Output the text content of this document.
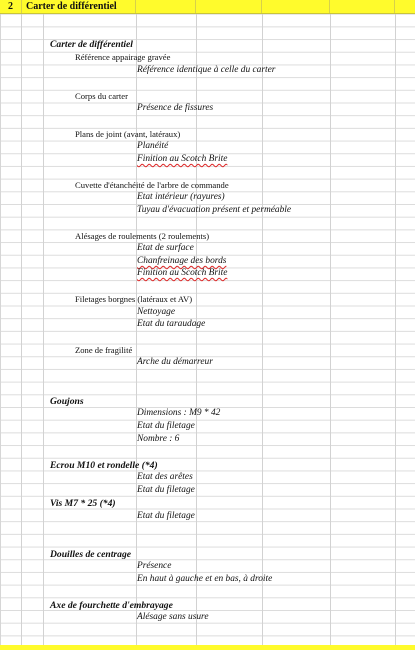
2 Carter de différentiel
Carter de différentiel
Référence appairage gravée
Référence identique à celle du carter
Corps du carter
Présence de fissures
Plans de joint (avant, latéraux)
Planéité
Finition au Scotch Brite
Cuvette d'étanchéité de l'arbre de commande
Etat intérieur (rayures)
Tuyau d'évacuation présent et perméable
Alésages de roulements (2 roulements)
Etat de surface
Chanfreinage des bords
Finition au Scotch Brite
Filetages borgnes (latéraux et AV)
Nettoyage
Etat du taraudage
Zone de fragilité
Arche du démarreur
Goujons
Dimensions : M9 * 42
Etat du filetage
Nombre : 6
Ecrou M10 et rondelle (*4)
Etat des arêtes
Etat du filetage
Vis M7 * 25 (*4)
Etat du filetage
Douilles de centrage
Présence
En haut à gauche et en bas, à droite
Axe de fourchette d'embrayage
Alésage sans usure
